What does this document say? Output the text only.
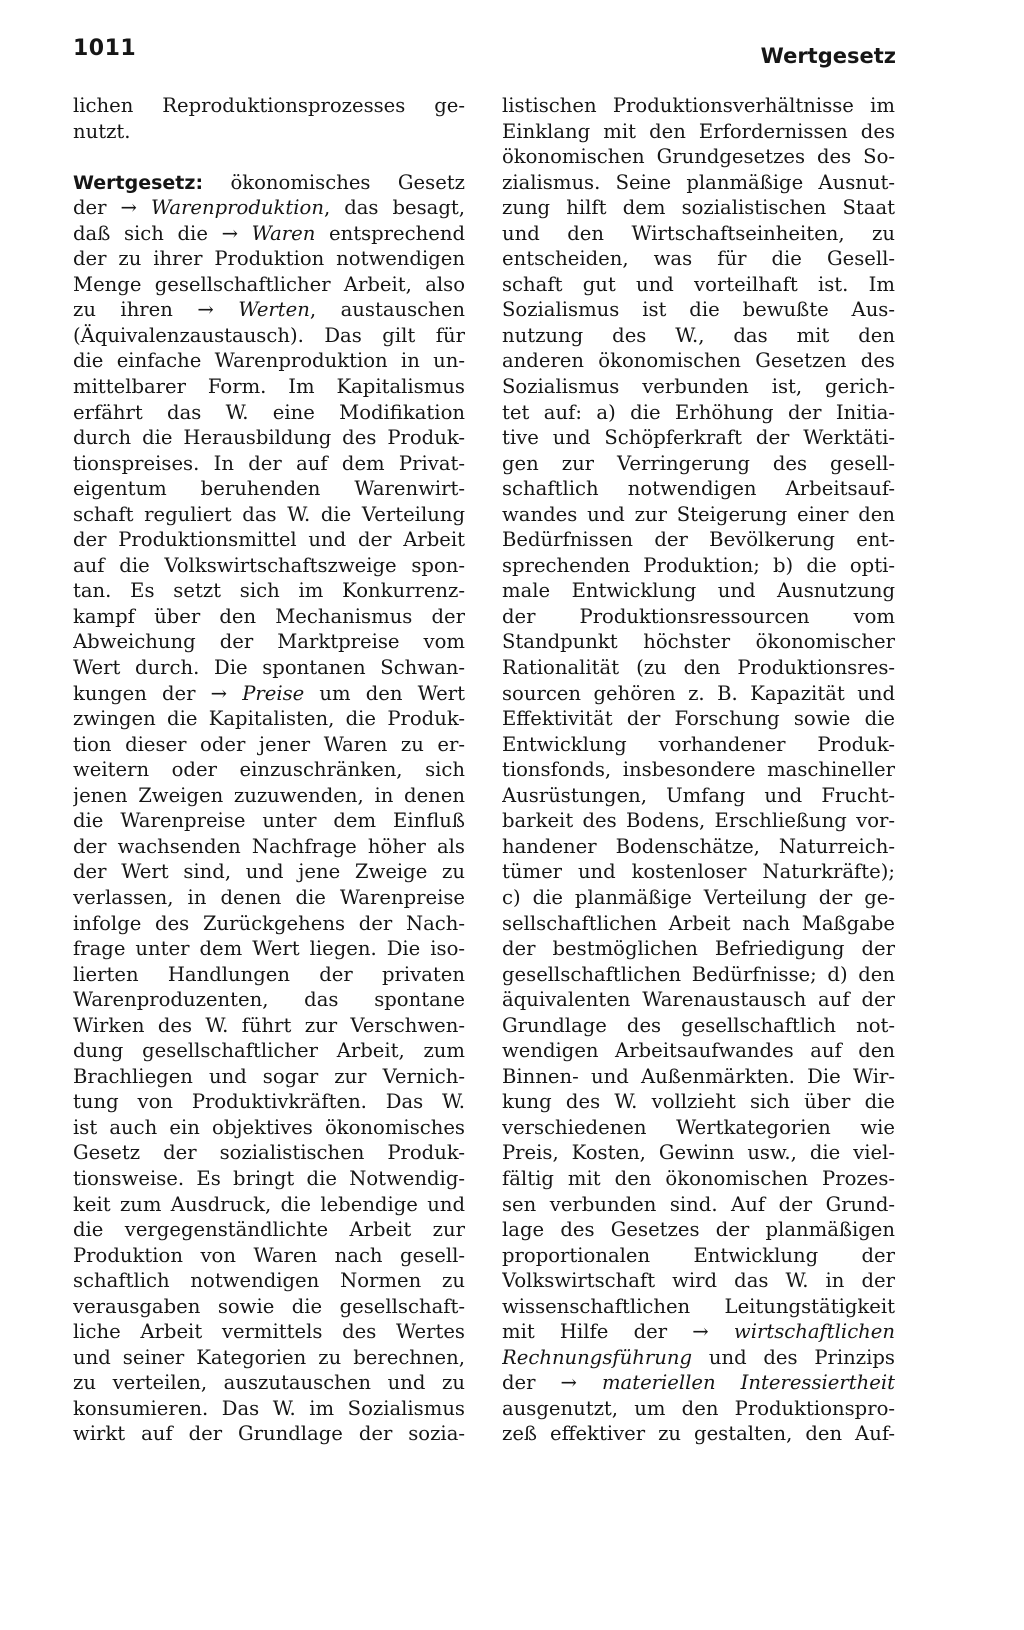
1011	Wertgesetz
lichen Reproduktionsprozesses ge-
nutzt.
Wertgesetz: ökonomisches Gesetz
der → Warenproduktion, das besagt,
daß sich die → Waren entsprechend
der zu ihrer Produktion notwendigen
Menge gesellschaftlicher Arbeit, also
zu ihren → Werten, austauschen
(Äquivalenzaustausch). Das gilt für
die einfache Warenproduktion in un-
mittelbarer Form. Im Kapitalismus
erfährt das W. eine Modifikation
durch die Herausbildung des Produk-
tionspreises. In der auf dem Privat-
eigentum beruhenden Warenwirt-
schaft reguliert das W. die Verteilung
der Produktionsmittel und der Arbeit
auf die Volkswirtschaftszweige spon-
tan. Es setzt sich im Konkurrenz-
kampf über den Mechanismus der
Abweichung der Marktpreise vom
Wert durch. Die spontanen Schwan-
kungen der → Preise um den Wert
zwingen die Kapitalisten, die Produk-
tion dieser oder jener Waren zu er-
weitern oder einzuschränken, sich
jenen Zweigen zuzuwenden, in denen
die Warenpreise unter dem Einfluß
der wachsenden Nachfrage höher als
der Wert sind, und jene Zweige zu
verlassen, in denen die Warenpreise
infolge des Zurückgehens der Nach-
frage unter dem Wert liegen. Die iso-
lierten Handlungen der privaten
Warenproduzenten, das spontane
Wirken des W. führt zur Verschwen-
dung gesellschaftlicher Arbeit, zum
Brachliegen und sogar zur Vernich-
tung von Produktivkräften. Das W.
ist auch ein objektives ökonomisches
Gesetz der sozialistischen Produk-
tionsweise. Es bringt die Notwendig-
keit zum Ausdruck, die lebendige und
die vergegenständlichte Arbeit zur
Produktion von Waren nach gesell-
schaftlich notwendigen Normen zu
verausgaben sowie die gesellschaft-
liche Arbeit vermittels des Wertes
und seiner Kategorien zu berechnen,
zu verteilen, auszutauschen und zu
konsumieren. Das W. im Sozialismus
wirkt auf der Grundlage der sozia-
listischen Produktionsverhältnisse im
Einklang mit den Erfordernissen des
ökonomischen Grundgesetzes des So-
zialismus. Seine planmäßige Ausnut-
zung hilft dem sozialistischen Staat
und den Wirtschaftseinheiten, zu
entscheiden, was für die Gesell-
schaft gut und vorteilhaft ist. Im
Sozialismus ist die bewußte Aus-
nutzung des W., das mit den
anderen ökonomischen Gesetzen des
Sozialismus verbunden ist, gerich-
tet auf: a) die Erhöhung der Initia-
tive und Schöpferkraft der Werktäti-
gen zur Verringerung des gesell-
schaftlich notwendigen Arbeitsauf-
wandes und zur Steigerung einer den
Bedürfnissen der Bevölkerung ent-
sprechenden Produktion; b) die opti-
male Entwicklung und Ausnutzung
der Produktionsressourcen vom
Standpunkt höchster ökonomischer
Rationalität (zu den Produktionsres-
sourcen gehören z. B. Kapazität und
Effektivität der Forschung sowie die
Entwicklung vorhandener Produk-
tionsfonds, insbesondere maschineller
Ausrüstungen, Umfang und Frucht-
barkeit des Bodens, Erschließung vor-
handener Bodenschätze, Naturreich-
tümer und kostenloser Naturkräfte);
c) die planmäßige Verteilung der ge-
sellschaftlichen Arbeit nach Maßgabe
der bestmöglichen Befriedigung der
gesellschaftlichen Bedürfnisse; d) den
äquivalenten Warenaustausch auf der
Grundlage des gesellschaftlich not-
wendigen Arbeitsaufwandes auf den
Binnen- und Außenmärkten. Die Wir-
kung des W. vollzieht sich über die
verschiedenen Wertkategorien wie
Preis, Kosten, Gewinn usw., die viel-
fältig mit den ökonomischen Prozes-
sen verbunden sind. Auf der Grund-
lage des Gesetzes der planmäßigen
proportionalen Entwicklung der
Volkswirtschaft wird das W. in der
wissenschaftlichen Leitungstätigkeit
mit Hilfe der → wirtschaftlichen
Rechnungsführung und des Prinzips
der → materiellen Interessiertheit
ausgenutzt, um den Produktionspro-
zeß effektiver zu gestalten, den Auf-
